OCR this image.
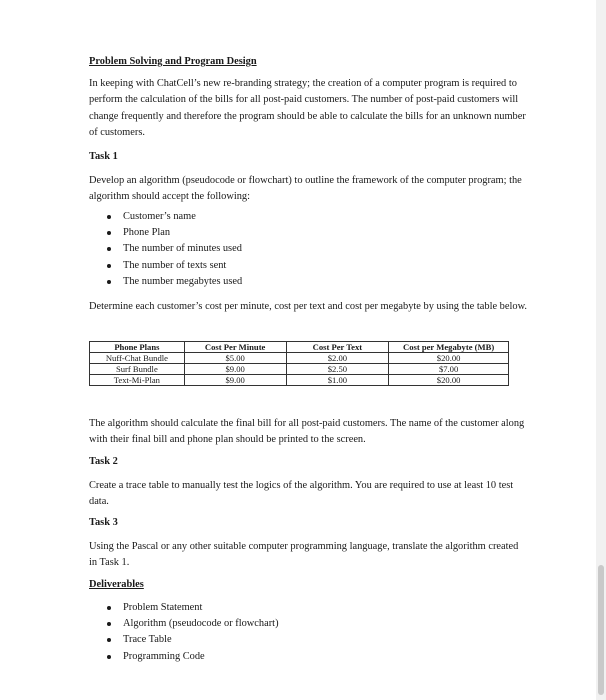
Problem Solving and Program Design

In keeping with ChatCell’s new re-branding strategy; the creation of a computer program is required to perform the calculation of the bills for all post-paid customers. The number of post-paid customers will change frequently and therefore the program should be able to calculate the bills for an unknown number of customers.

Task 1

Develop an algorithm (pseudocode or flowchart) to outline the framework of the computer program; the algorithm should accept the following:

Customer’s name
Phone Plan
The number of minutes used
The number of texts sent
The number megabytes used

Determine each customer’s cost per minute, cost per text and cost per megabyte by using the table below.

Phone Plans	Cost Per Minute	Cost Per Text	Cost per Megabyte (MB)
Nuff-Chat Bundle	$5.00	$2.00	$20.00
Surf Bundle	$9.00	$2.50	$7.00
Text-Mi-Plan	$9.00	$1.00	$20.00

The algorithm should calculate the final bill for all post-paid customers. The name of the customer along with their final bill and phone plan should be printed to the screen.

Task 2

Create a trace table to manually test the logics of the algorithm. You are required to use at least 10 test data.

Task 3

Using the Pascal or any other suitable computer programming language, translate the algorithm created in Task 1.

Deliverables

Problem Statement
Algorithm (pseudocode or flowchart)
Trace Table
Programming Code
